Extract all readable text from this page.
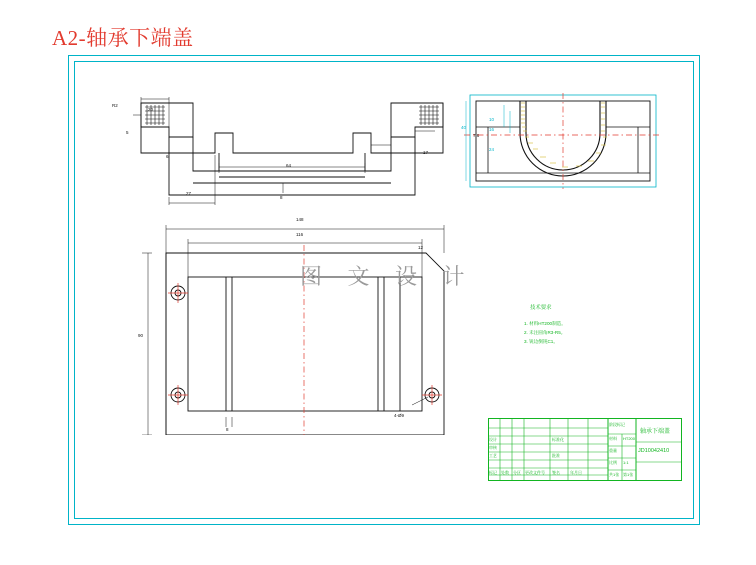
A2-轴承下端盖
20
5
6
27
64
17
7.6
8
R2
40
24
10
16
148
116
90
8
4-Ø9
12
图 文 设 计
技术要求
1. 材料HT200制造。
2. 未注圆角R3-R5。
3. 锐边倒钝C1。
标记 处数 分区 更改文件号 签名	年月日
设计	标准化
审核
工艺	批准
阶段标记
材料 HT200
重量
比例 1:1
共1张 第1张
轴承下端盖
JD10042410
